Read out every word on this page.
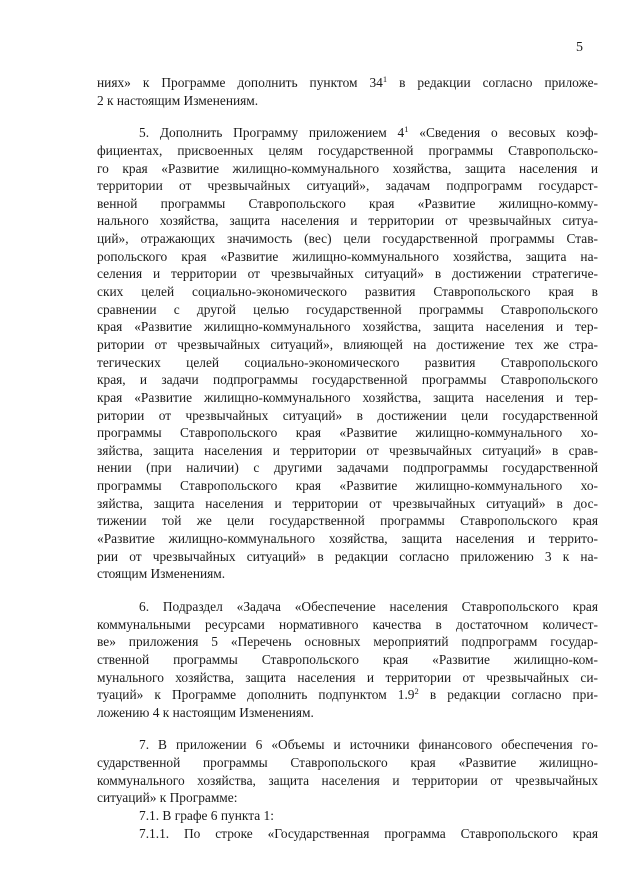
5
ниях» к Программе дополнить пунктом $34^1$ в редакции согласно приложе-
2 к настоящим Изменениям.
5. Дополнить Программу приложением $4^1$ «Сведения о весовых коэф-
фициентах, присвоенных целям государственной программы Ставропольско-
го края «Развитие жилищно-коммунального хозяйства, защита населения и
территории от чрезвычайных ситуаций», задачам подпрограмм государст-
венной программы Ставропольского края «Развитие жилищно-комму-
нального хозяйства, защита населения и территории от чрезвычайных ситуа-
ций», отражающих значимость (вес) цели государственной программы Став-
ропольского края «Развитие жилищно-коммунального хозяйства, защита на-
селения и территории от чрезвычайных ситуаций» в достижении стратегиче-
ских целей социально-экономического развития Ставропольского края в
сравнении с другой целью государственной программы Ставропольского
края «Развитие жилищно-коммунального хозяйства, защита населения и тер-
ритории от чрезвычайных ситуаций», влияющей на достижение тех же стра-
тегических целей социально-экономического развития Ставропольского
края, и задачи подпрограммы государственной программы Ставропольского
края «Развитие жилищно-коммунального хозяйства, защита населения и тер-
ритории от чрезвычайных ситуаций» в достижении цели государственной
программы Ставропольского края «Развитие жилищно-коммунального хо-
зяйства, защита населения и территории от чрезвычайных ситуаций» в срав-
нении (при наличии) с другими задачами подпрограммы государственной
программы Ставропольского края «Развитие жилищно-коммунального хо-
зяйства, защита населения и территории от чрезвычайных ситуаций» в дос-
тижении той же цели государственной программы Ставропольского края
«Развитие жилищно-коммунального хозяйства, защита населения и террито-
рии от чрезвычайных ситуаций» в редакции согласно приложению 3 к на-
стоящим Изменениям.
6. Подраздел «Задача «Обеспечение населения Ставропольского края
коммунальными ресурсами нормативного качества в достаточном количест-
ве» приложения 5 «Перечень основных мероприятий подпрограмм государ-
ственной программы Ставропольского края «Развитие жилищно-ком-
мунального хозяйства, защита населения и территории от чрезвычайных си-
туаций» к Программе дополнить подпунктом $1.9^2$ в редакции согласно при-
ложению 4 к настоящим Изменениям.
7. В приложении 6 «Объемы и источники финансового обеспечения го-
сударственной программы Ставропольского края «Развитие жилищно-
коммунального хозяйства, защита населения и территории от чрезвычайных
ситуаций» к Программе:
7.1. В графе 6 пункта 1:
7.1.1. По строке «Государственная программа Ставропольского края
